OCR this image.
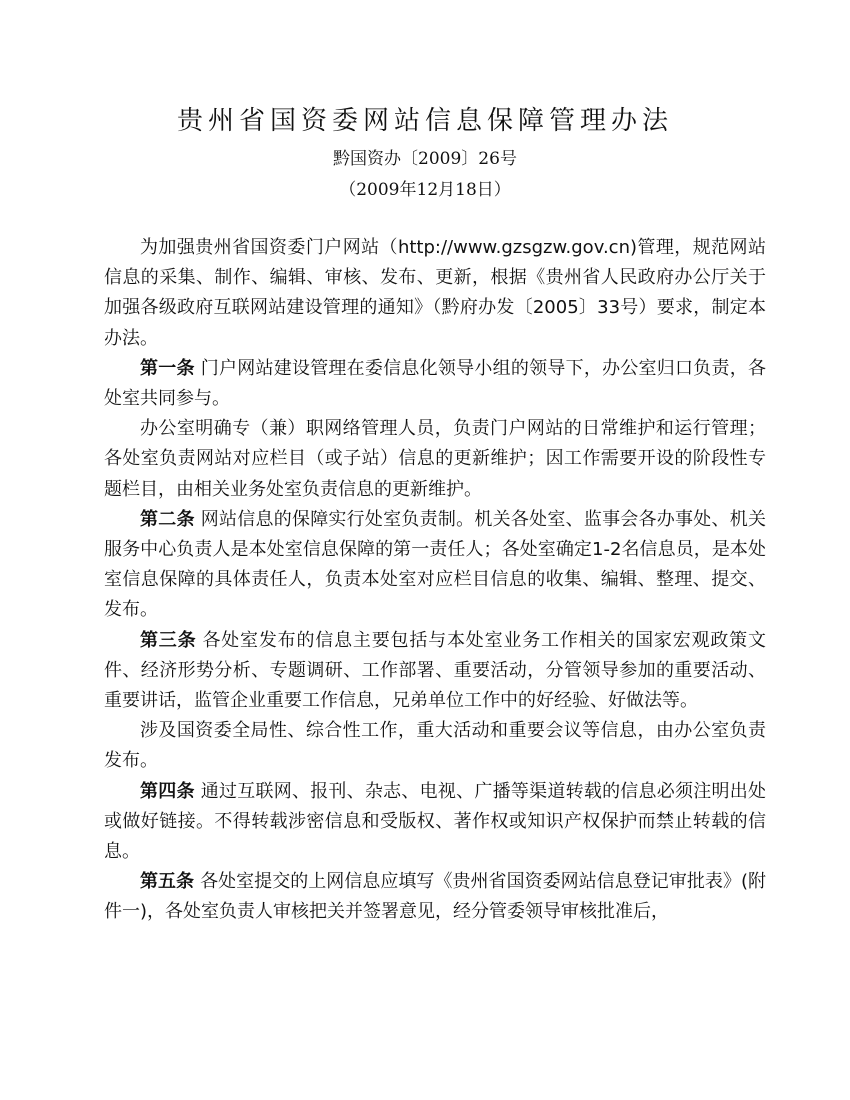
贵州省国资委网站信息保障管理办法
黔国资办〔2009〕26号
（2009年12月18日）

为加强贵州省国资委门户网站（http://www.gzsgzw.gov.cn)管理，规范网站信息的采集、制作、编辑、审核、发布、更新，根据《贵州省人民政府办公厅关于加强各级政府互联网站建设管理的通知》（黔府办发〔2005〕33号）要求，制定本办法。

第一条 门户网站建设管理在委信息化领导小组的领导下，办公室归口负责，各处室共同参与。

办公室明确专（兼）职网络管理人员，负责门户网站的日常维护和运行管理；各处室负责网站对应栏目（或子站）信息的更新维护；因工作需要开设的阶段性专题栏目，由相关业务处室负责信息的更新维护。

第二条 网站信息的保障实行处室负责制。机关各处室、监事会各办事处、机关服务中心负责人是本处室信息保障的第一责任人；各处室确定1-2名信息员，是本处室信息保障的具体责任人，负责本处室对应栏目信息的收集、编辑、整理、提交、发布。

第三条 各处室发布的信息主要包括与本处室业务工作相关的国家宏观政策文件、经济形势分析、专题调研、工作部署、重要活动，分管领导参加的重要活动、重要讲话，监管企业重要工作信息，兄弟单位工作中的好经验、好做法等。

涉及国资委全局性、综合性工作，重大活动和重要会议等信息，由办公室负责发布。

第四条 通过互联网、报刊、杂志、电视、广播等渠道转载的信息必须注明出处或做好链接。不得转载涉密信息和受版权、著作权或知识产权保护而禁止转载的信息。

第五条 各处室提交的上网信息应填写《贵州省国资委网站信息登记审批表》(附件一)，各处室负责人审核把关并签署意见，经分管委领导审核批准后，
